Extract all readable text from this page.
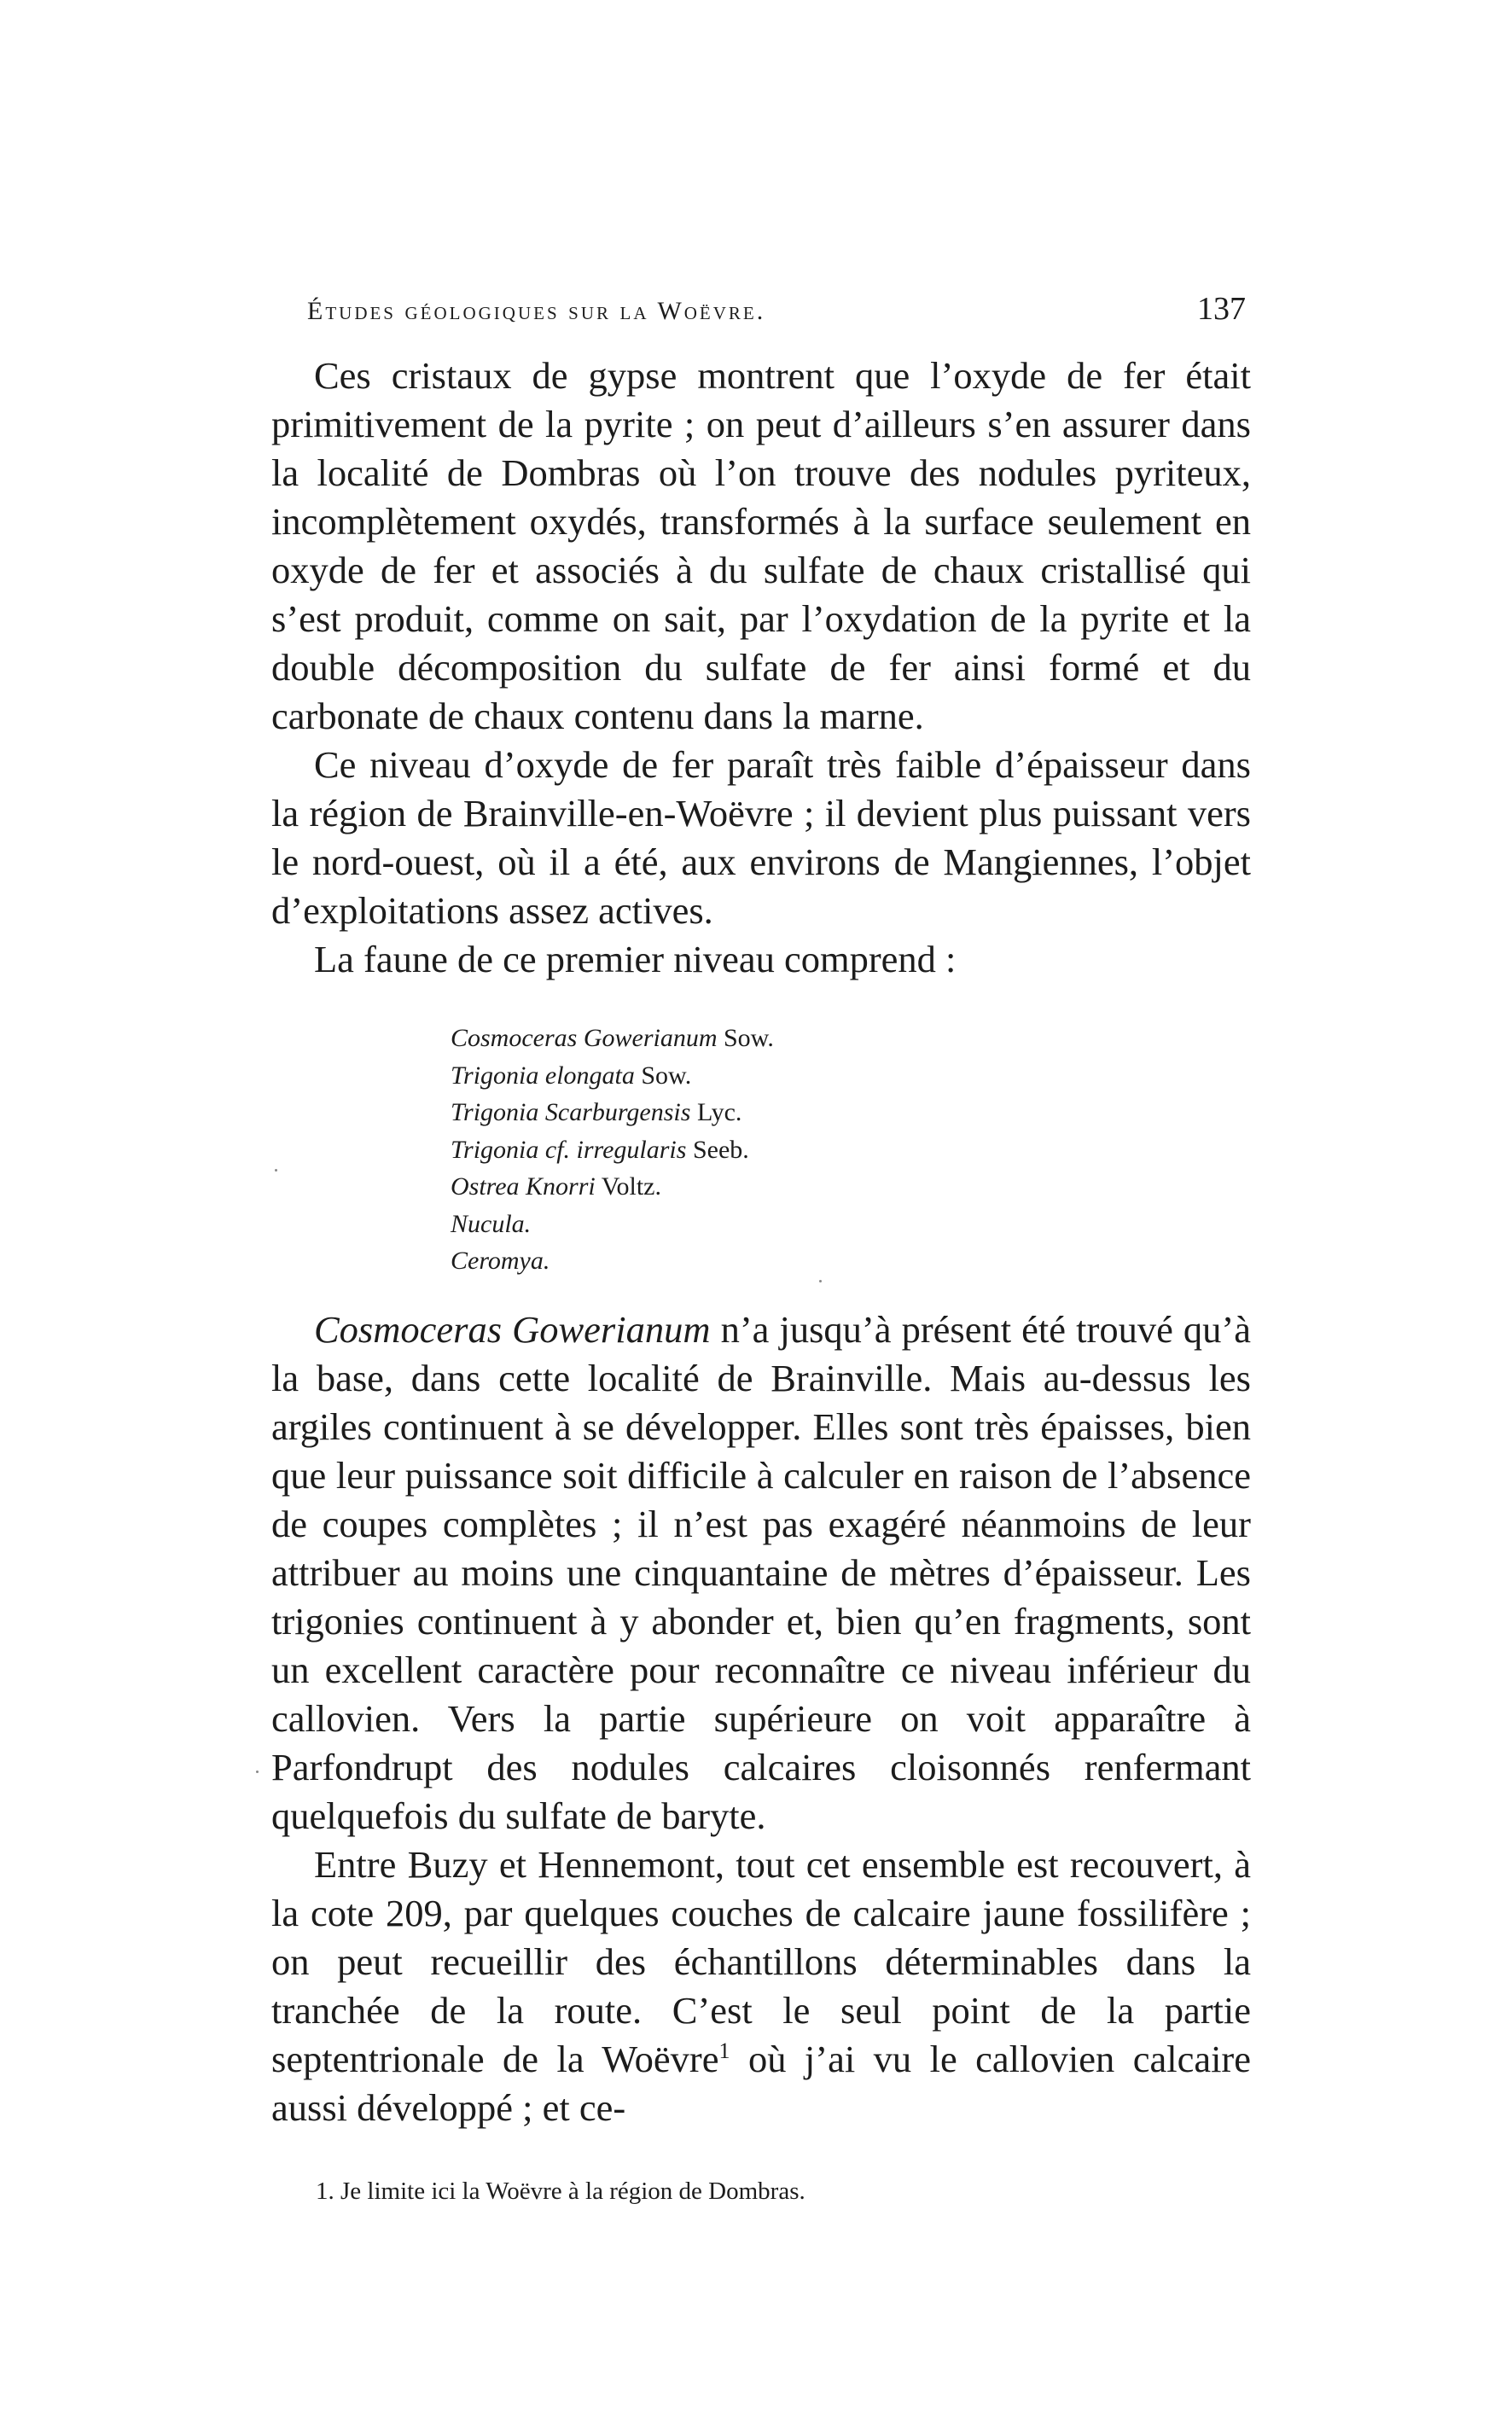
Études géologiques sur la Woëvre.	137

Ces cristaux de gypse montrent que l’oxyde de fer était primitivement de la pyrite ; on peut d’ailleurs s’en assurer dans la localité de Dombras où l’on trouve des nodules pyriteux, incomplètement oxydés, transformés à la surface seulement en oxyde de fer et associés à du sulfate de chaux cristallisé qui s’est produit, comme on sait, par l’oxydation de la pyrite et la double décomposition du sulfate de fer ainsi formé et du carbonate de chaux contenu dans la marne.

Ce niveau d’oxyde de fer paraît très faible d’épaisseur dans la région de Brainville-en-Woëvre ; il devient plus puissant vers le nord-ouest, où il a été, aux environs de Mangiennes, l’objet d’exploitations assez actives.

La faune de ce premier niveau comprend :

Cosmoceras Gowerianum Sow.
Trigonia elongata Sow.
Trigonia Scarburgensis Lyc.
Trigonia cf. irregularis Seeb.
Ostrea Knorri Voltz.
Nucula.
Ceromya.

Cosmoceras Gowerianum n’a jusqu’à présent été trouvé qu’à la base, dans cette localité de Brainville. Mais au-dessus les argiles continuent à se développer. Elles sont très épaisses, bien que leur puissance soit difficile à calculer en raison de l’absence de coupes complètes ; il n’est pas exagéré néanmoins de leur attribuer au moins une cinquantaine de mètres d’épaisseur. Les trigonies continuent à y abonder et, bien qu’en fragments, sont un excellent caractère pour reconnaître ce niveau inférieur du callovien. Vers la partie supérieure on voit apparaître à Parfondrupt des nodules calcaires cloisonnés renfermant quelquefois du sulfate de baryte.

Entre Buzy et Hennemont, tout cet ensemble est recouvert, à la cote 209, par quelques couches de calcaire jaune fossilifère ; on peut recueillir des échantillons déterminables dans la tranchée de la route. C’est le seul point de la partie septentrionale de la Woëvre$^1$ où j’ai vu le callovien calcaire aussi développé ; et ce-

1. Je limite ici la Woëvre à la région de Dombras.
